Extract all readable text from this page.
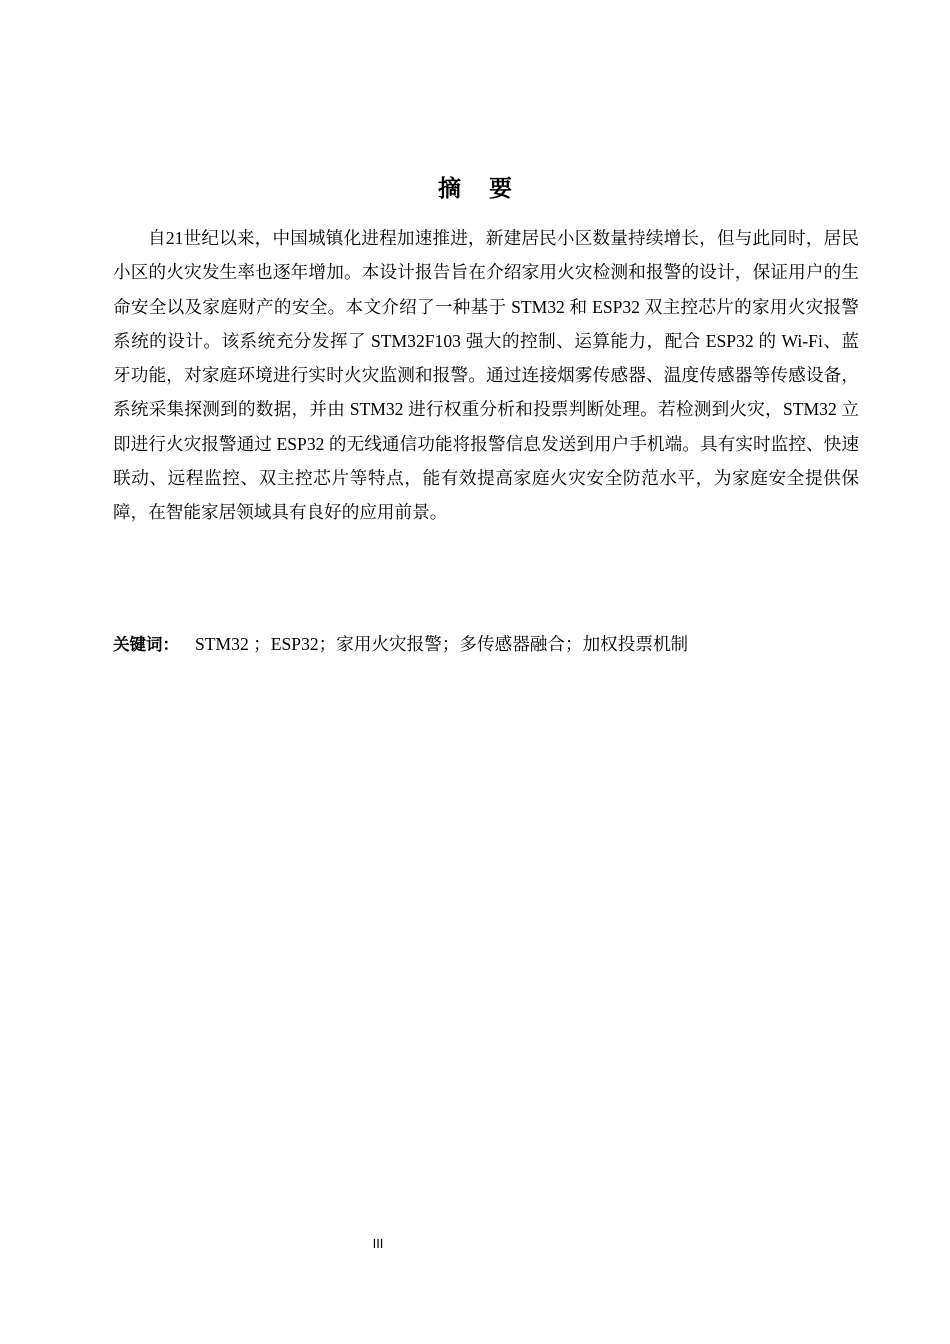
摘 要

自21世纪以来，中国城镇化进程加速推进，新建居民小区数量持续增长，但与此同时，居民小区的火灾发生率也逐年增加。本设计报告旨在介绍家用火灾检测和报警的设计，保证用户的生命安全以及家庭财产的安全。本文介绍了一种基于 STM32 和 ESP32 双主控芯片的家用火灾报警系统的设计。该系统充分发挥了 STM32F103 强大的控制、运算能力，配合 ESP32 的 Wi-Fi、蓝牙功能，对家庭环境进行实时火灾监测和报警。通过连接烟雾传感器、温度传感器等传感设备，系统采集探测到的数据，并由 STM32 进行权重分析和投票判断处理。若检测到火灾，STM32 立即进行火灾报警通过 ESP32 的无线通信功能将报警信息发送到用户手机端。具有实时监控、快速联动、远程监控、双主控芯片等特点，能有效提高家庭火灾安全防范水平，为家庭安全提供保障，在智能家居领域具有良好的应用前景。

关键词： STM32 ；ESP32；家用火灾报警；多传感器融合；加权投票机制

III
